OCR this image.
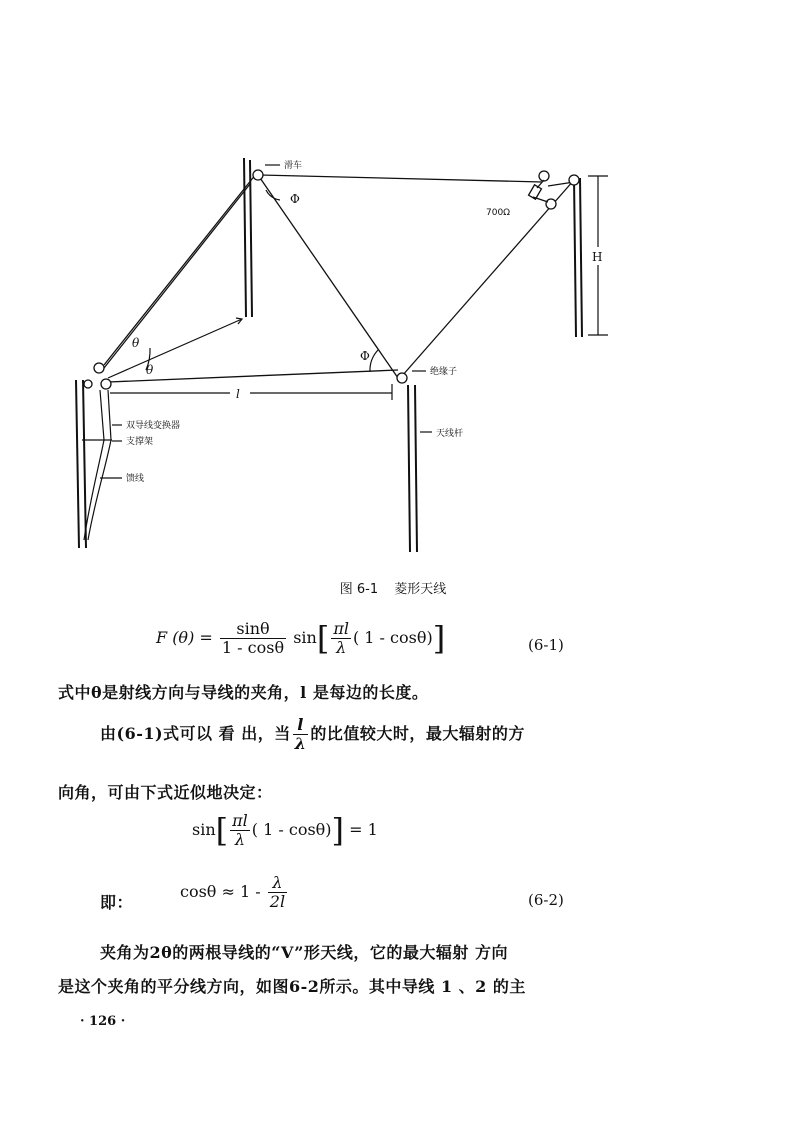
滑车
700Ω
H
绝缘子
天线杆
双导线变换器
支撑架
馈线
l
θ
θ
Φ
Φ
图 6-1 菱形天线
F $(\theta) = \frac{\sin\theta}{1 - \cos\theta} \sin[ \frac{\pi l}{\lambda}$ ( 1 - cosθ)]	(6-1)
式中θ是射线方向与导线的夹角，l 是每边的长度。
由(6-1)式可以 看 出，当 $\frac{l}{\lambda}$ 的比值较大时，最大辐射的方
向角，可由下式近似地决定：
$\sin[ \frac{\pi l}{\lambda}$ ( 1 - cosθ)] = 1
即：
$\cos\theta \approx 1 - \frac{\lambda}{2l}$	(6-2)
夹角为2θ的两根导线的“V”形天线，它的最大辐射 方向
是这个夹角的平分线方向，如图6-2所示。其中导线 1 、2 的主
· 126 ·
